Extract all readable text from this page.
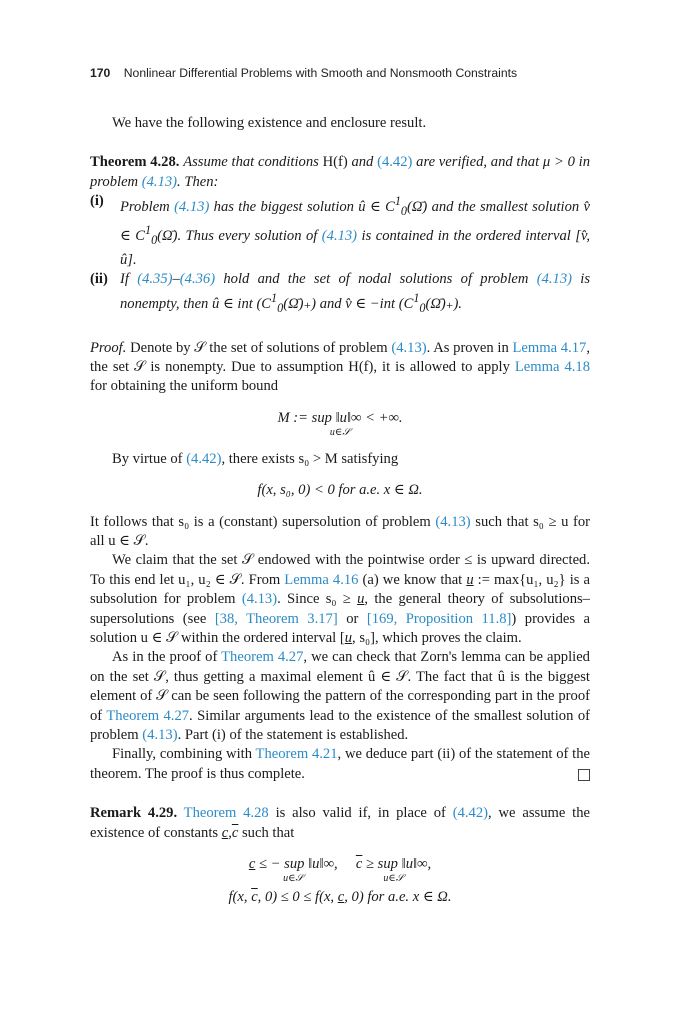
170 Nonlinear Differential Problems with Smooth and Nonsmooth Constraints

We have the following existence and enclosure result.

Theorem 4.28. Assume that conditions H(f) and (4.42) are verified, and that μ > 0 in problem (4.13). Then:

(i)	Problem (4.13) has the biggest solution û ∈ $C^1_0(\Omegā)$ and the smallest solution v̂ ∈ $C^1_0(\Omegā)$. Thus every solution of (4.13) is contained in the ordered interval [v̂, û].
(ii) If (4.35)–(4.36) hold and the set of nodal solutions of problem (4.13) is nonempty, then û ∈ int $(C^1_0(\Omegā)_+)$ and v̂ ∈ −int $(C^1_0(\Omegā)_+)$.

Proof. Denote by 𝒮 the set of solutions of problem (4.13). As proven in Lemma 4.17, the set 𝒮 is nonempty. Due to assumption H(f), it is allowed to apply Lemma 4.18 for obtaining the uniform bound

M := sup ‖u‖∞ < +∞.
u∈𝒮

By virtue of (4.42), there exists s₀ > M satisfying

f(x, s₀, 0) < 0 for a.e. x ∈ Ω.

It follows that s₀ is a (constant) supersolution of problem (4.13) such that s₀ ≥ u for all u ∈ 𝒮.

We claim that the set 𝒮 endowed with the pointwise order ≤ is upward directed. To this end let u₁, u₂ ∈ 𝒮. From Lemma 4.16 (a) we know that u := max{u₁, u₂} is a subsolution for problem (4.13). Since s₀ ≥ u, the general theory of subsolutions–supersolutions (see [38, Theorem 3.17] or [169, Proposition 11.8]) provides a solution u ∈ 𝒮 within the ordered interval [u, s₀], which proves the claim.

As in the proof of Theorem 4.27, we can check that Zorn's lemma can be applied on the set 𝒮, thus getting a maximal element û ∈ 𝒮. The fact that û is the biggest element of 𝒮 can be seen following the pattern of the corresponding part in the proof of Theorem 4.27. Similar arguments lead to the existence of the smallest solution of problem (4.13). Part (i) of the statement is established.

Finally, combining with Theorem 4.21, we deduce part (ii) of the statement of the theorem. The proof is thus complete.

Remark 4.29. Theorem 4.28 is also valid if, in place of (4.42), we assume the existence of constants $c,\overline{c}$ such that

c ≤ − sup ‖u‖∞,
u∈𝒮
$\overline{c}$ ≥ sup ‖u‖∞,
u∈𝒮
f(x, $\overline{c}$, 0) ≤ 0 ≤ f(x, c, 0) for a.e. x ∈ Ω.
